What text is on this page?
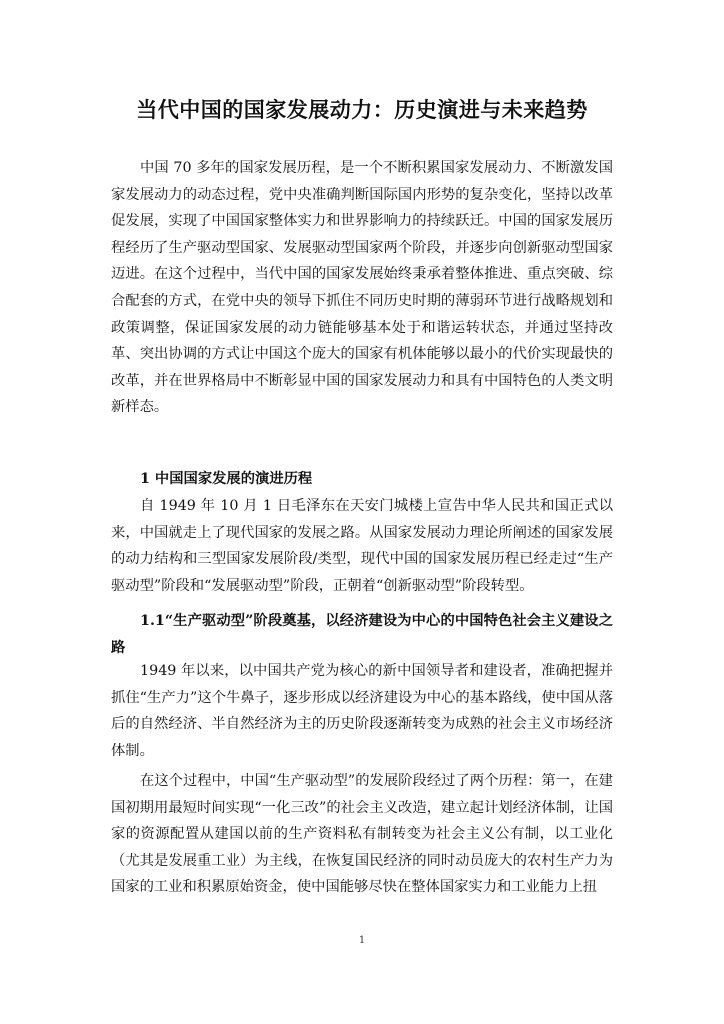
当代中国的国家发展动力：历史演进与未来趋势

中国 70 多年的国家发展历程，是一个不断积累国家发展动力、不断激发国家发展动力的动态过程，党中央准确判断国际国内形势的复杂变化，坚持以改革促发展，实现了中国国家整体实力和世界影响力的持续跃迁。中国的国家发展历程经历了生产驱动型国家、发展驱动型国家两个阶段，并逐步向创新驱动型国家迈进。在这个过程中，当代中国的国家发展始终秉承着整体推进、重点突破、综合配套的方式，在党中央的领导下抓住不同历史时期的薄弱环节进行战略规划和政策调整，保证国家发展的动力链能够基本处于和谐运转状态，并通过坚持改革、突出协调的方式让中国这个庞大的国家有机体能够以最小的代价实现最快的改革，并在世界格局中不断彰显中国的国家发展动力和具有中国特色的人类文明新样态。

1 中国国家发展的演进历程

自 1949 年 10 月 1 日毛泽东在天安门城楼上宣告中华人民共和国正式以来，中国就走上了现代国家的发展之路。从国家发展动力理论所阐述的国家发展的动力结构和三型国家发展阶段/类型，现代中国的国家发展历程已经走过“生产驱动型”阶段和“发展驱动型”阶段，正朝着“创新驱动型”阶段转型。

1.1“生产驱动型”阶段奠基，以经济建设为中心的中国特色社会主义建设之路

1949 年以来，以中国共产党为核心的新中国领导者和建设者，准确把握并抓住“生产力”这个牛鼻子，逐步形成以经济建设为中心的基本路线，使中国从落后的自然经济、半自然经济为主的历史阶段逐渐转变为成熟的社会主义市场经济体制。

在这个过程中，中国“生产驱动型”的发展阶段经过了两个历程：第一，在建国初期用最短时间实现“一化三改”的社会主义改造，建立起计划经济体制，让国家的资源配置从建国以前的生产资料私有制转变为社会主义公有制，以工业化（尤其是发展重工业）为主线，在恢复国民经济的同时动员庞大的农村生产力为国家的工业和积累原始资金，使中国能够尽快在整体国家实力和工业能力上扭

1
